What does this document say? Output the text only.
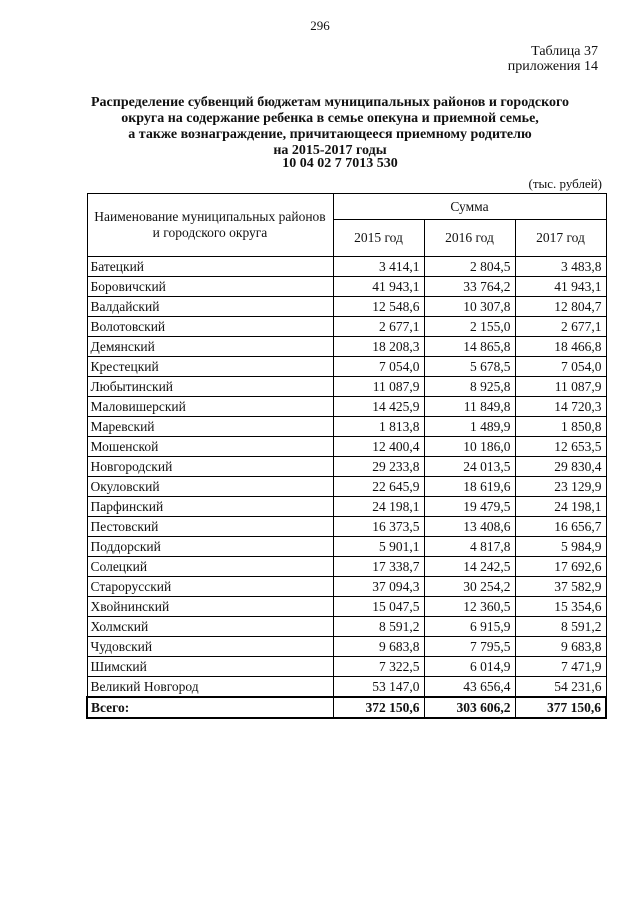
296
Таблица 37
приложения 14
Распределение субвенций бюджетам муниципальных районов и городского
округа на содержание ребенка в семье опекуна и приемной семье,
а также вознаграждение, причитающееся приемному родителю
на 2015-2017 годы
10 04 02 7 7013 530
(тыс. рублей)
Наименование муниципальных районов и городского округа	Сумма		
	2015 год	2016 год	2017 год
Батецкий	3 414,1	2 804,5	3 483,8
Боровичский	41 943,1	33 764,2	41 943,1
Валдайский	12 548,6	10 307,8	12 804,7
Волотовский	2 677,1	2 155,0	2 677,1
Демянский	18 208,3	14 865,8	18 466,8
Крестецкий	7 054,0	5 678,5	7 054,0
Любытинский	11 087,9	8 925,8	11 087,9
Маловишерский	14 425,9	11 849,8	14 720,3
Маревский	1 813,8	1 489,9	1 850,8
Мошенской	12 400,4	10 186,0	12 653,5
Новгородский	29 233,8	24 013,5	29 830,4
Окуловский	22 645,9	18 619,6	23 129,9
Парфинский	24 198,1	19 479,5	24 198,1
Пестовский	16 373,5	13 408,6	16 656,7
Поддорский	5 901,1	4 817,8	5 984,9
Солецкий	17 338,7	14 242,5	17 692,6
Старорусский	37 094,3	30 254,2	37 582,9
Хвойнинский	15 047,5	12 360,5	15 354,6
Холмский	8 591,2	6 915,9	8 591,2
Чудовский	9 683,8	7 795,5	9 683,8
Шимский	7 322,5	6 014,9	7 471,9
Великий Новгород	53 147,0	43 656,4	54 231,6
Всего:	372 150,6	303 606,2	377 150,6
